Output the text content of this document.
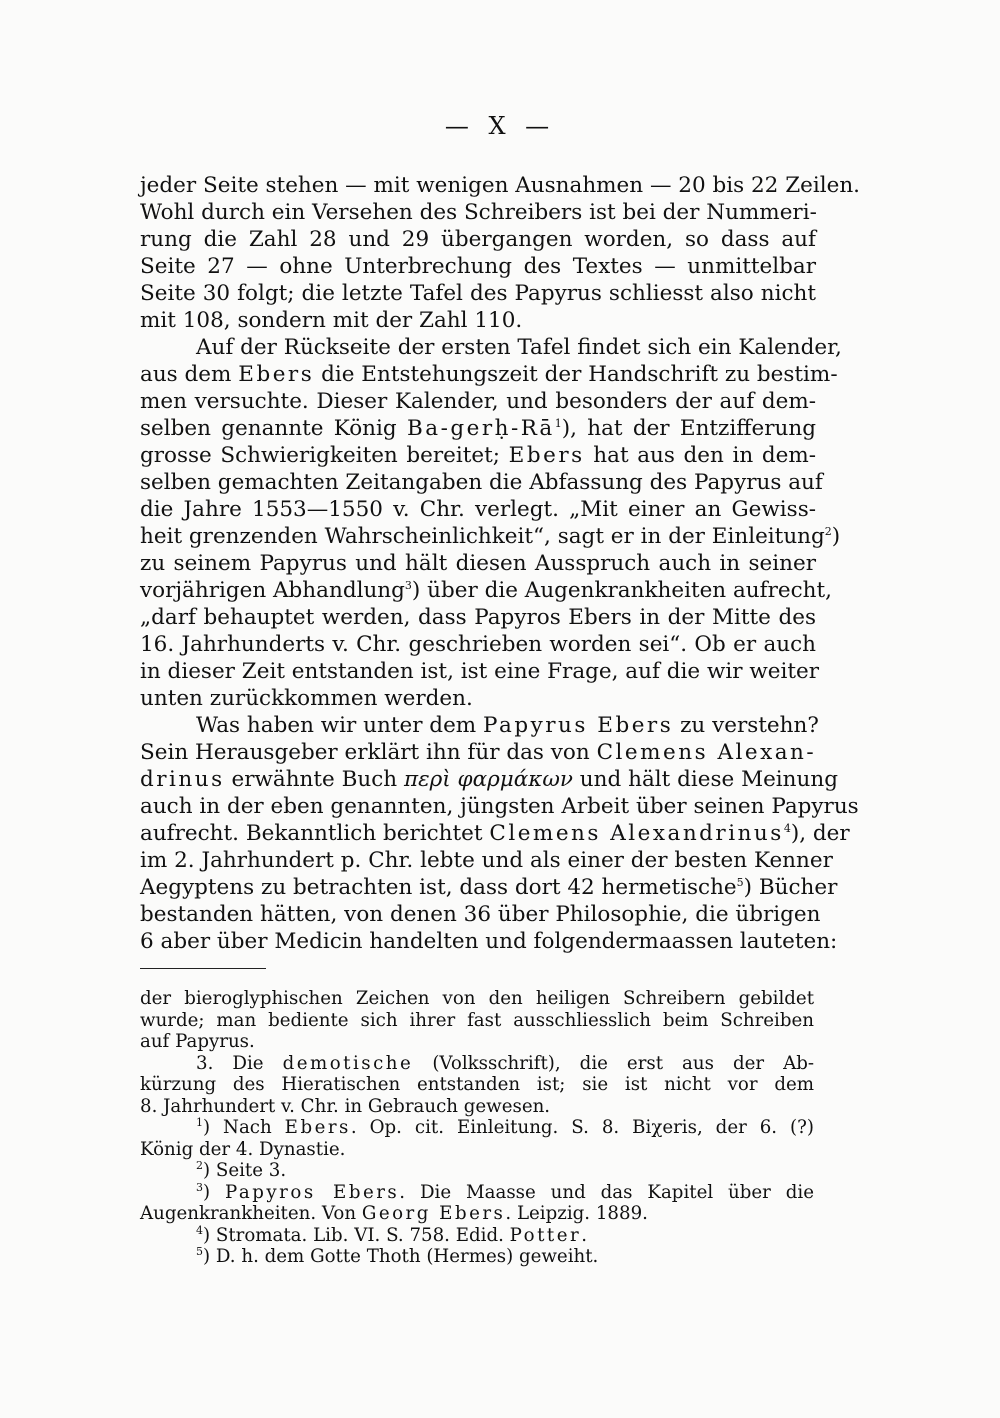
— X —
jeder Seite stehen — mit wenigen Ausnahmen — 20 bis 22 Zeilen.
Wohl durch ein Versehen des Schreibers ist bei der Nummeri-
rung die Zahl 28 und 29 übergangen worden, so dass auf
Seite 27 — ohne Unterbrechung des Textes — unmittelbar
Seite 30 folgt; die letzte Tafel des Papyrus schliesst also nicht
mit 108, sondern mit der Zahl 110.
Auf der Rückseite der ersten Tafel findet sich ein Kalender,
aus dem Ebers die Entstehungszeit der Handschrift zu bestim-
men versuchte. Dieser Kalender, und besonders der auf dem-
selben genannte König $Ba-gerḥ-Rā^1$), hat der Entzifferung
grosse Schwierigkeiten bereitet; Ebers hat aus den in dem-
selben gemachten Zeitangaben die Abfassung des Papyrus auf
die Jahre 1553—1550 v. Chr. verlegt. „Mit einer an Gewiss-
heit grenzenden Wahrscheinlichkeit“, sagt er in der Einleitung$^2$)
zu seinem Papyrus und hält diesen Ausspruch auch in seiner
vorjährigen Abhandlung$^3$) über die Augenkrankheiten aufrecht,
„darf behauptet werden, dass Papyros Ebers in der Mitte des
16. Jahrhunderts v. Chr. geschrieben worden sei“. Ob er auch
in dieser Zeit entstanden ist, ist eine Frage, auf die wir weiter
unten zurückkommen werden.
Was haben wir unter dem Papyrus Ebers zu verstehn?
Sein Herausgeber erklärt ihn für das von Clemens Alexan-
drinus erwähnte Buch περὶ φαρμάκων und hält diese Meinung
auch in der eben genannten, jüngsten Arbeit über seinen Papyrus
aufrecht. Bekanntlich berichtet Clemens Alexandrinus$^4$), der
im 2. Jahrhundert p. Chr. lebte und als einer der besten Kenner
Aegyptens zu betrachten ist, dass dort 42 hermetische$^5$) Bücher
bestanden hätten, von denen 36 über Philosophie, die übrigen
6 aber über Medicin handelten und folgendermaassen lauteten:
der bieroglyphischen Zeichen von den heiligen Schreibern gebildet
wurde; man bediente sich ihrer fast ausschliesslich beim Schreiben
auf Papyrus.
3. Die demotische (Volksschrift), die erst aus der Ab-
kürzung des Hieratischen entstanden ist; sie ist nicht vor dem
8. Jahrhundert v. Chr. in Gebrauch gewesen.
$^1$) Nach Ebers. Op. cit. Einleitung. S. 8. Biχeris, der 6. (?)
König der 4. Dynastie.
$^2$) Seite 3.
$^3$) Papyros Ebers. Die Maasse und das Kapitel über die
Augenkrankheiten. Von Georg Ebers. Leipzig. 1889.
$^4$) Stromata. Lib. VI. S. 758. Edid. Potter.
$^5$) D. h. dem Gotte Thoth (Hermes) geweiht.
